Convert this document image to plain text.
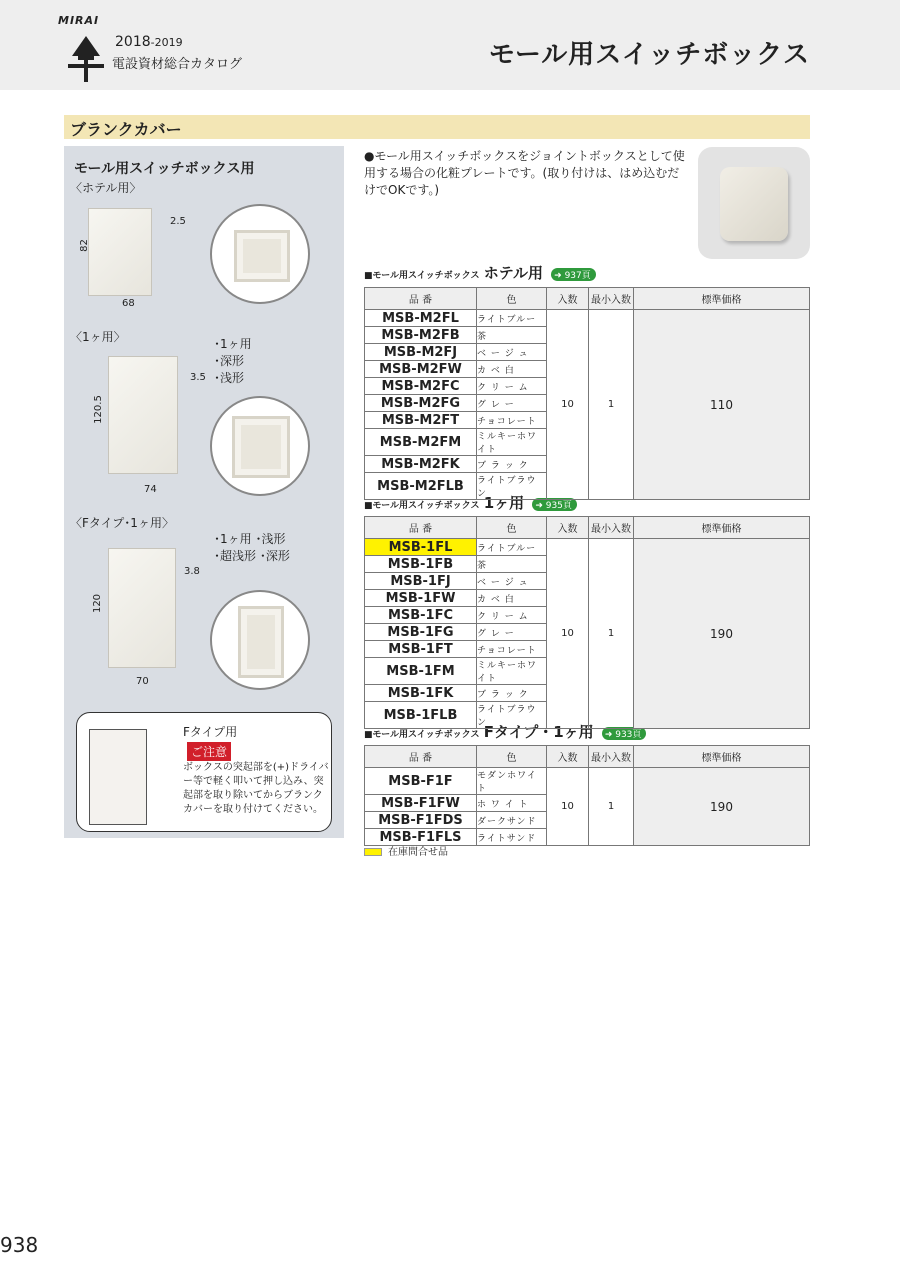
MIRAI
2018-2019
電設資材総合カタログ	モール用スイッチボックス
ブランクカバー
モール用スイッチボックス用
〈ホテル用〉
2.5
82
68
〈1ヶ用〉	･1ヶ用
･深形
･浅形
3.5
120.5
74
〈Fタイプ･1ヶ用〉
･1ヶ用 ･浅形
･超浅形 ･深形
3.8
120
70
Fタイプ用
ご注意
ボックスの突起部を(+)ドライバー等で軽く叩いて押し込み、突起部を取り除いてからブランクカバーを取り付けてください。
●モール用スイッチボックスをジョイントボックスとして使用する場合の化粧プレートです。(取り付けは、はめ込むだけでOKです。)
■モール用スイッチボックス ホテル用 ➜ 937頁
■モール用スイッチボックス 1ヶ用 ➜ 935頁
■モール用スイッチボックス Fタイプ・1ヶ用 ➜ 933頁
品 番	色	入数	最小入数	標準価格
MSB-M2FL	ライトブルー	10	1	110
MSB-M2FB	茶			
MSB-M2FJ	ベ ー ジ ュ			
MSB-M2FW	カ ベ 白			
MSB-M2FC	ク リ ー ム			
MSB-M2FG	グ レ ー			
MSB-M2FT	チョコレート			
MSB-M2FM	ミルキーホワイト			
MSB-M2FK	ブ ラ ッ ク			
MSB-M2FLB	ライトブラウン			
品 番	色	入数	最小入数	標準価格
MSB-1FL	ライトブルー	10	1	190
MSB-1FB	茶			
MSB-1FJ	ベ ー ジ ュ			
MSB-1FW	カ ベ 白			
MSB-1FC	ク リ ー ム			
MSB-1FG	グ レ ー			
MSB-1FT	チョコレート			
MSB-1FM	ミルキーホワイト			
MSB-1FK	ブ ラ ッ ク			
MSB-1FLB	ライトブラウン			
品 番	色	入数	最小入数	標準価格
MSB-F1F	モダンホワイト	10	1	190
MSB-F1FW	ホ ワ イ ト			
MSB-F1FDS	ダークサンド			
MSB-F1FLS	ライトサンド			
在庫問合せ品
938
